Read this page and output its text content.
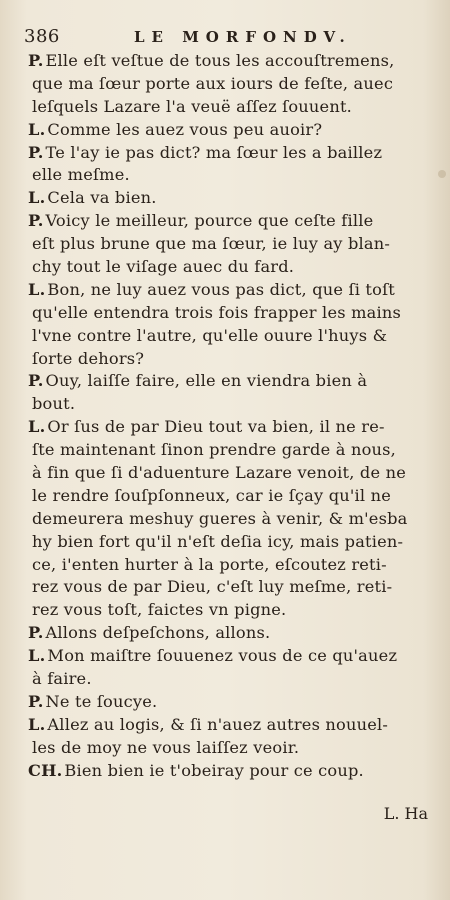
386	LE MORFONDV.
P. Elle eſt veſtue de tous les accouſtremens,
que ma ſœur porte aux iours de feſte, auec
leſquels Lazare l'a veuë aſſez ſouuent.
L. Comme les auez vous peu auoir?
P. Te l'ay ie pas dict? ma ſœur les a baillez
elle meſme.
L. Cela va bien.
P. Voicy le meilleur, pource que ceſte fille
eſt plus brune que ma ſœur, ie luy ay blan-
chy tout le viſage auec du fard.
L. Bon, ne luy auez vous pas dict, que ſi toſt
qu'elle entendra trois fois frapper les mains
l'vne contre l'autre, qu'elle ouure l'huys &
ſorte dehors?
P. Ouy, laiſſe faire, elle en viendra bien à
bout.
L. Or ſus de par Dieu tout va bien, il ne re-
ſte maintenant ſinon prendre garde à nous,
à fin que ſi d'aduenture Lazare venoit, de ne
le rendre ſouſpſonneux, car ie ſçay qu'il ne
demeurera meshuy gueres à venir, & m'esba
hy bien fort qu'il n'eſt deſia icy, mais patien-
ce, i'enten hurter à la porte, eſcoutez reti-
rez vous de par Dieu, c'eſt luy meſme, reti-
rez vous toſt, faictes vn pigne.
P. Allons deſpeſchons, allons.
L. Mon maiſtre ſouuenez vous de ce qu'auez
à faire.
P. Ne te ſoucye.
L. Allez au logis, & ſi n'auez autres nouuel-
les de moy ne vous laiſſez veoir.
CH. Bien bien ie t'obeiray pour ce coup.
L. Ha
